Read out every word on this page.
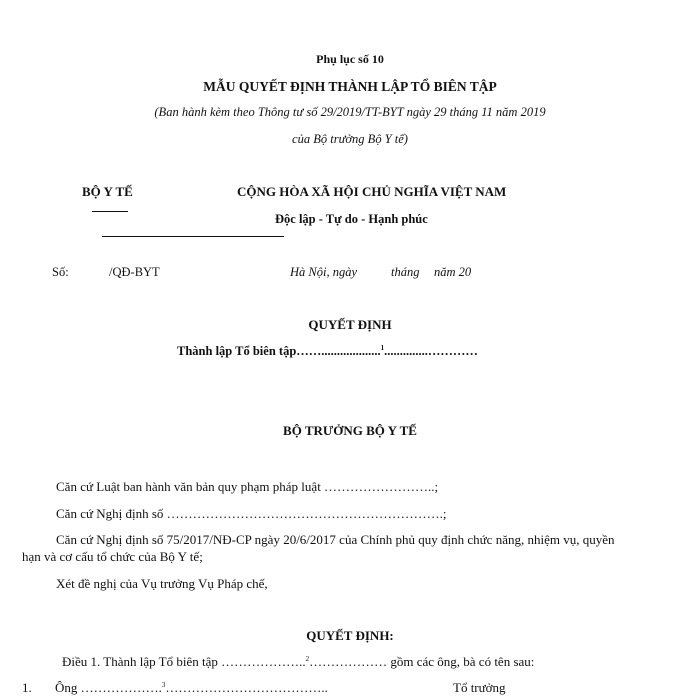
Phụ lục số 10
MẪU QUYẾT ĐỊNH THÀNH LẬP TỔ BIÊN TẬP
(Ban hành kèm theo Thông tư số 29/2019/TT-BYT ngày 29 tháng 11 năm 2019
của Bộ trưởng Bộ Y tế)
BỘ Y TẾ	CỘNG HÒA XÃ HỘI CHỦ NGHĨA VIỆT NAM
Độc lập - Tự do - Hạnh phúc
Số:	/QĐ-BYT	Hà Nội, ngày	tháng năm 20
QUYẾT ĐỊNH
Thành lập Tổ biên tập……...................$^1$..............…………
BỘ TRƯỞNG BỘ Y TẾ
Căn cứ Luật ban hành văn bản quy phạm pháp luật ……………………..;
Căn cứ Nghị định số ……………………………………………………….;
Căn cứ Nghị định số 75/2017/NĐ-CP ngày 20/6/2017 của Chính phủ quy định chức năng, nhiệm vụ, quyền
hạn và cơ cấu tổ chức của Bộ Y tế;
Xét đề nghị của Vụ trưởng Vụ Pháp chế,
QUYẾT ĐỊNH:
Điều 1. Thành lập Tổ biên tập ………………..$^2$……………… gồm các ông, bà có tên sau:
1. Ông ……………….$^3$………………………………..	Tổ trưởng
